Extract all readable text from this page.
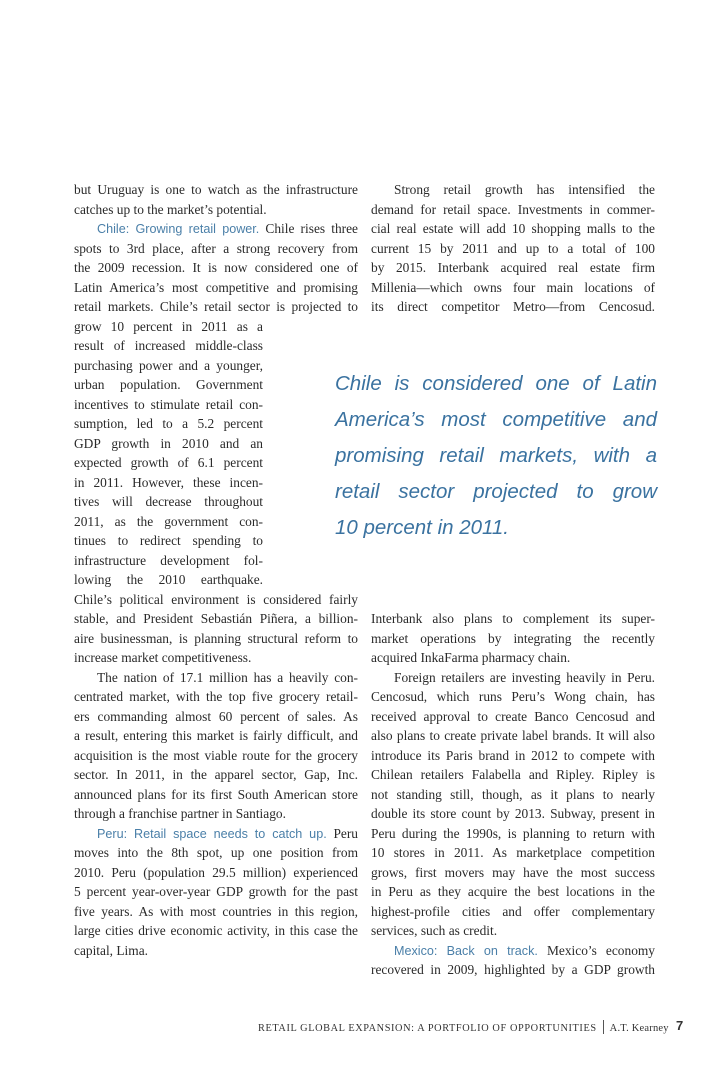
but Uruguay is one to watch as the infrastructure
catches up to the market’s potential.
Chile: Growing retail power. Chile rises three
spots to 3rd place, after a strong recovery from
the 2009 recession. It is now considered one of
Latin America’s most competitive and promising
retail markets. Chile’s retail sector is projected to
grow 10 percent in 2011 as a
result of increased middle-class
purchasing power and a younger,
urban population. Government
incentives to stimulate retail con-
sumption, led to a 5.2 percent
GDP growth in 2010 and an
expected growth of 6.1 percent
in 2011. However, these incen-
tives will decrease throughout
2011, as the government con-
tinues to redirect spending to
infrastructure development fol-
lowing the 2010 earthquake.
Chile’s political environment is considered fairly
stable, and President Sebastián Piñera, a billion-
aire businessman, is planning structural reform to
increase market competitiveness.
The nation of 17.1 million has a heavily con-
centrated market, with the top five grocery retail-
ers commanding almost 60 percent of sales. As
a result, entering this market is fairly difficult, and
acquisition is the most viable route for the grocery
sector. In 2011, in the apparel sector, Gap, Inc.
announced plans for its first South American store
through a franchise partner in Santiago.
Peru: Retail space needs to catch up. Peru
moves into the 8th spot, up one position from
2010. Peru (population 29.5 million) experienced
5 percent year-over-year GDP growth for the past
five years. As with most countries in this region,
large cities drive economic activity, in this case the
capital, Lima.
Strong retail growth has intensified the
demand for retail space. Investments in commer-
cial real estate will add 10 shopping malls to the
current 15 by 2011 and up to a total of 100
by 2015. Interbank acquired real estate firm
Millenia—which owns four main locations of
its direct competitor Metro—from Cencosud.
Chile is considered one of Latin
America’s most competitive and
promising retail markets, with a
retail sector projected to grow
10 percent in 2011.
Interbank also plans to complement its super-
market operations by integrating the recently
acquired InkaFarma pharmacy chain.
Foreign retailers are investing heavily in Peru.
Cencosud, which runs Peru’s Wong chain, has
received approval to create Banco Cencosud and
also plans to create private label brands. It will also
introduce its Paris brand in 2012 to compete with
Chilean retailers Falabella and Ripley. Ripley is
not standing still, though, as it plans to nearly
double its store count by 2013. Subway, present in
Peru during the 1990s, is planning to return with
10 stores in 2011. As marketplace competition
grows, first movers may have the most success
in Peru as they acquire the best locations in the
highest-profile cities and offer complementary
services, such as credit.
Mexico: Back on track. Mexico’s economy
recovered in 2009, highlighted by a GDP growth
RETAIL GLOBAL EXPANSION: A PORTFOLIO OF OPPORTUNITIES A.T. Kearney 7
